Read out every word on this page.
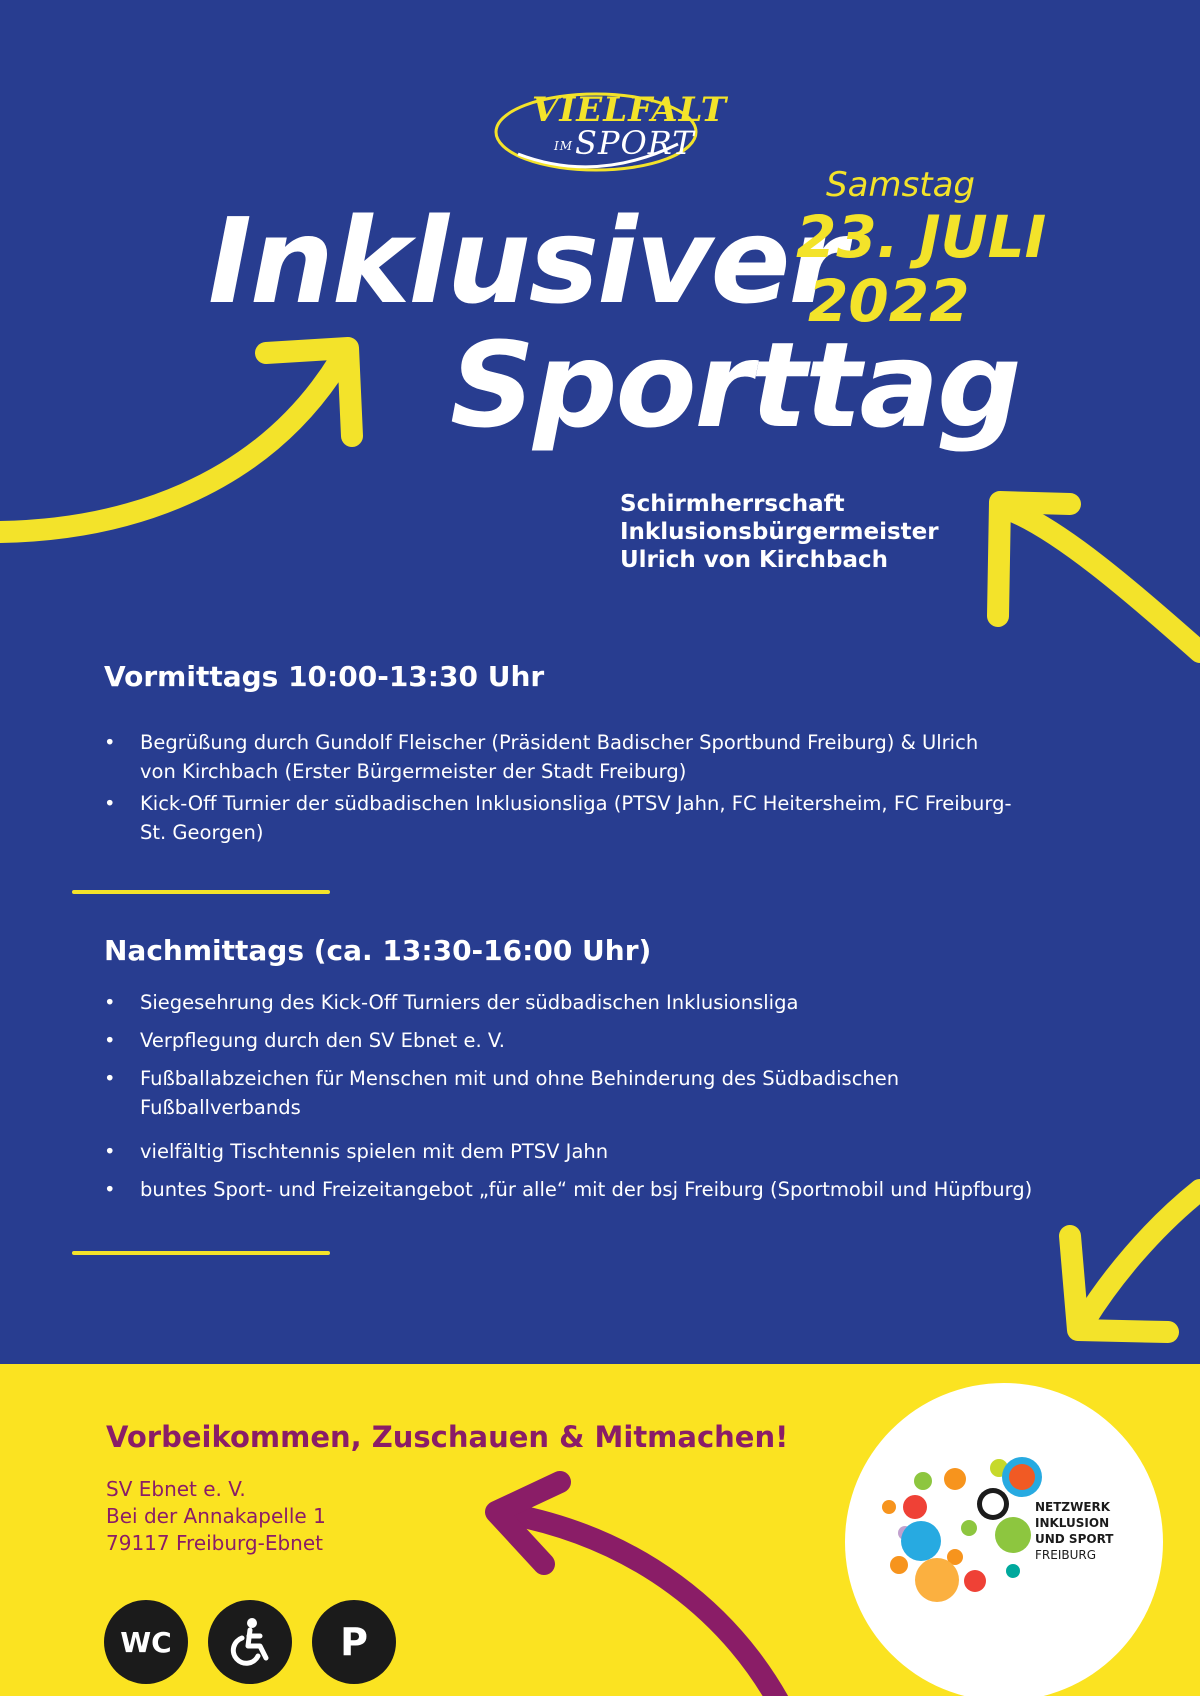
VIELFALT
IMSPORT
Inklusiver
Sporttag
Samstag
23. JULI
2022
Schirmherrschaft
Inklusionsbürgermeister
Ulrich von Kirchbach
Vormittags 10:00-13:30 Uhr
• Begrüßung durch Gundolf Fleischer (Präsident Badischer Sportbund Freiburg) & Ulrich von Kirchbach (Erster Bürgermeister der Stadt Freiburg)
• Kick-Off Turnier der südbadischen Inklusionsliga (PTSV Jahn, FC Heitersheim, FC Freiburg-St. Georgen)
Nachmittags (ca. 13:30-16:00 Uhr)
• Siegesehrung des Kick-Off Turniers der südbadischen Inklusionsliga
• Verpflegung durch den SV Ebnet e. V.
• Fußballabzeichen für Menschen mit und ohne Behinderung des Südbadischen Fußballverbands
• vielfältig Tischtennis spielen mit dem PTSV Jahn
• buntes Sport- und Freizeitangebot „für alle“ mit der bsj Freiburg (Sportmobil und Hüpfburg)
Vorbeikommen, Zuschauen & Mitmachen!
SV Ebnet e. V.
Bei der Annakapelle 1
79117 Freiburg-Ebnet
WC	P
NETZWERK
INKLUSION
UND SPORT
FREIBURG
